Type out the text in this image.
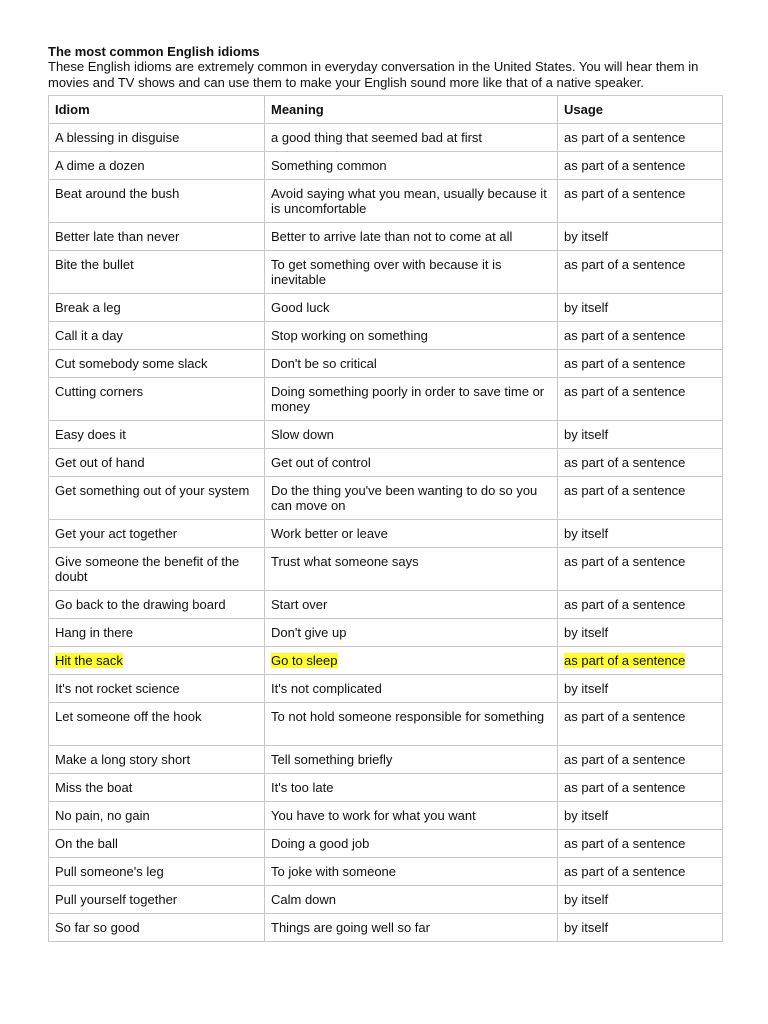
The most common English idioms

These English idioms are extremely common in everyday conversation in the United States. You will hear them in movies and TV shows and can use them to make your English sound more like that of a native speaker.

Idiom	Meaning	Usage
A blessing in disguise	a good thing that seemed bad at first	as part of a sentence
A dime a dozen	Something common	as part of a sentence
Beat around the bush	Avoid saying what you mean, usually because it is uncomfortable	as part of a sentence
Better late than never	Better to arrive late than not to come at all	by itself
Bite the bullet	To get something over with because it is inevitable	as part of a sentence
Break a leg	Good luck	by itself
Call it a day	Stop working on something	as part of a sentence
Cut somebody some slack	Don't be so critical	as part of a sentence
Cutting corners	Doing something poorly in order to save time or money	as part of a sentence
Easy does it	Slow down	by itself
Get out of hand	Get out of control	as part of a sentence
Get something out of your system	Do the thing you've been wanting to do so you can move on	as part of a sentence
Get your act together	Work better or leave	by itself
Give someone the benefit of the doubt	Trust what someone says	as part of a sentence
Go back to the drawing board	Start over	as part of a sentence
Hang in there	Don't give up	by itself
Hit the sack	Go to sleep	as part of a sentence
It's not rocket science	It's not complicated	by itself
Let someone off the hook	To not hold someone responsible for something	as part of a sentence
Make a long story short	Tell something briefly	as part of a sentence
Miss the boat	It's too late	as part of a sentence
No pain, no gain	You have to work for what you want	by itself
On the ball	Doing a good job	as part of a sentence
Pull someone's leg	To joke with someone	as part of a sentence
Pull yourself together	Calm down	by itself
So far so good	Things are going well so far	by itself
